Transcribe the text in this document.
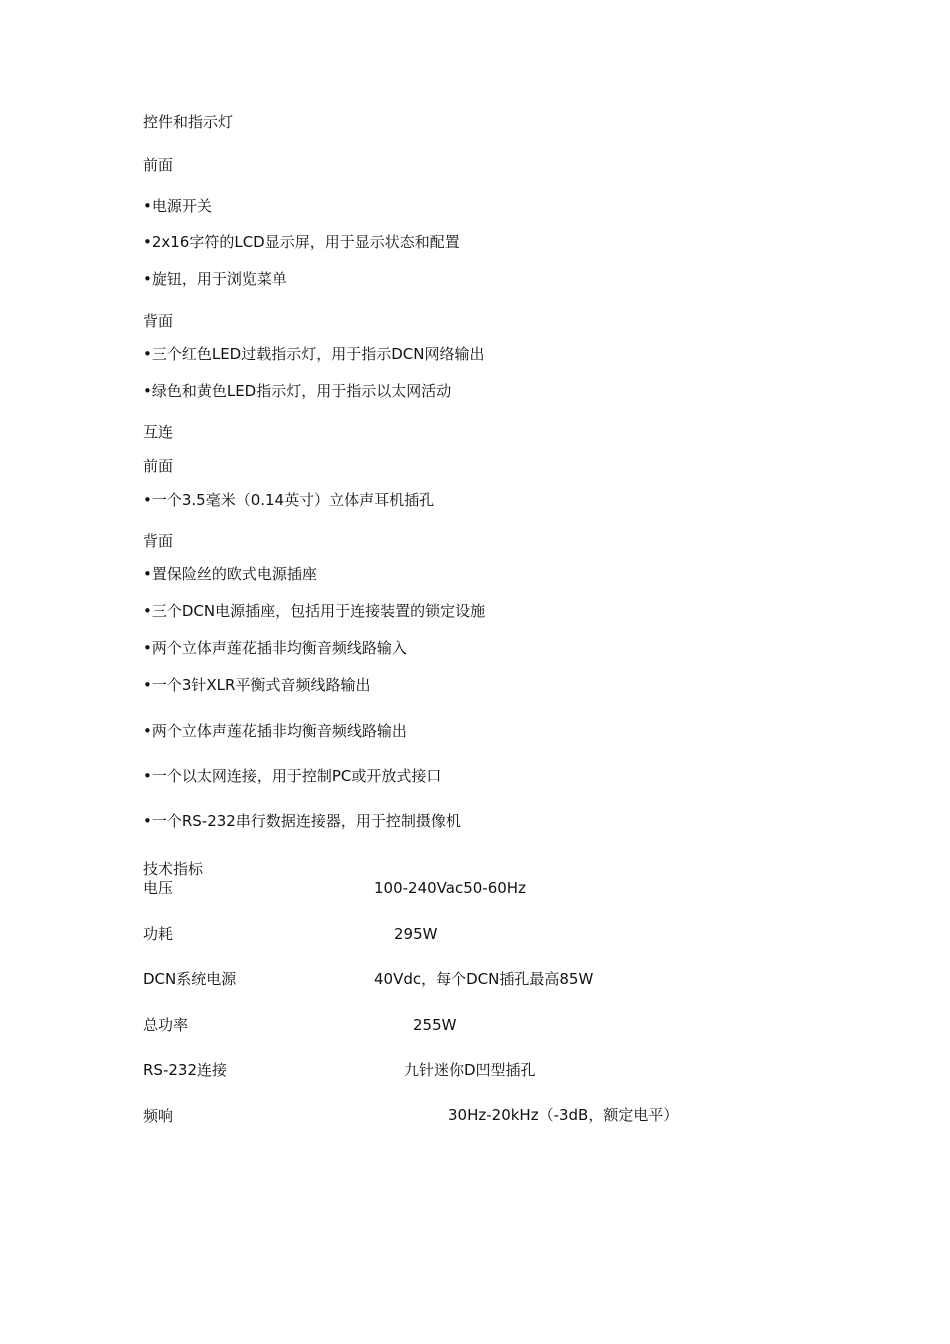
控件和指示灯
前面
•电源开关
•2x16字符的LCD显示屏，用于显示状态和配置
•旋钮，用于浏览菜单
背面
•三个红色LED过载指示灯，用于指示DCN网络输出
•绿色和黄色LED指示灯，用于指示以太网活动
互连
前面
•一个3.5毫米（0.14英寸）立体声耳机插孔
背面
•置保险丝的欧式电源插座
•三个DCN电源插座，包括用于连接装置的锁定设施
•两个立体声莲花插非均衡音频线路输入
•一个3针XLR平衡式音频线路输出
•两个立体声莲花插非均衡音频线路输出
•一个以太网连接，用于控制PC或开放式接口
•一个RS-232串行数据连接器，用于控制摄像机
技术指标
电压	100-240Vac50-60Hz
功耗	295W
DCN系统电源	40Vdc，每个DCN插孔最高85W
总功率	255W
RS-232连接	九针迷你D凹型插孔
频响	30Hz-20kHz（-3dB，额定电平）
